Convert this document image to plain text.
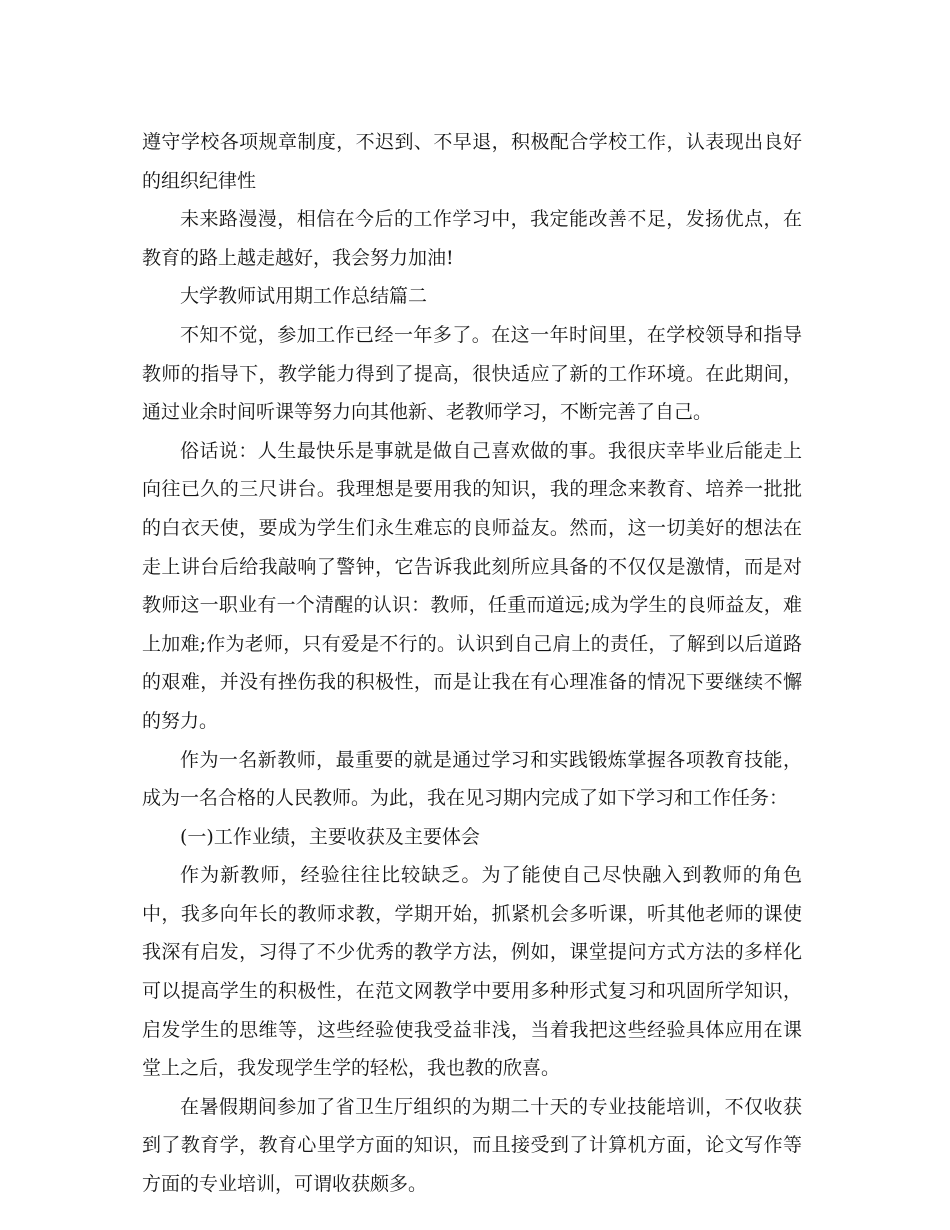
遵守学校各项规章制度，不迟到、不早退，积极配合学校工作，认表现出良好的组织纪律性

未来路漫漫，相信在今后的工作学习中，我定能改善不足，发扬优点，在教育的路上越走越好，我会努力加油!

大学教师试用期工作总结篇二

不知不觉，参加工作已经一年多了。在这一年时间里，在学校领导和指导教师的指导下，教学能力得到了提高，很快适应了新的工作环境。在此期间，通过业余时间听课等努力向其他新、老教师学习，不断完善了自己。

俗话说：人生最快乐是事就是做自己喜欢做的事。我很庆幸毕业后能走上向往已久的三尺讲台。我理想是要用我的知识，我的理念来教育、培养一批批的白衣天使，要成为学生们永生难忘的良师益友。然而，这一切美好的想法在走上讲台后给我敲响了警钟，它告诉我此刻所应具备的不仅仅是激情，而是对教师这一职业有一个清醒的认识：教师，任重而道远;成为学生的良师益友，难上加难;作为老师，只有爱是不行的。认识到自己肩上的责任，了解到以后道路的艰难，并没有挫伤我的积极性，而是让我在有心理准备的情况下要继续不懈的努力。

作为一名新教师，最重要的就是通过学习和实践锻炼掌握各项教育技能，成为一名合格的人民教师。为此，我在见习期内完成了如下学习和工作任务：

(一)工作业绩，主要收获及主要体会

作为新教师，经验往往比较缺乏。为了能使自己尽快融入到教师的角色中，我多向年长的教师求教，学期开始，抓紧机会多听课，听其他老师的课使我深有启发，习得了不少优秀的教学方法，例如，课堂提问方式方法的多样化可以提高学生的积极性，在范文网教学中要用多种形式复习和巩固所学知识，启发学生的思维等，这些经验使我受益非浅，当着我把这些经验具体应用在课堂上之后，我发现学生学的轻松，我也教的欣喜。

在暑假期间参加了省卫生厅组织的为期二十天的专业技能培训，不仅收获到了教育学，教育心里学方面的知识，而且接受到了计算机方面，论文写作等方面的专业培训，可谓收获颇多。
